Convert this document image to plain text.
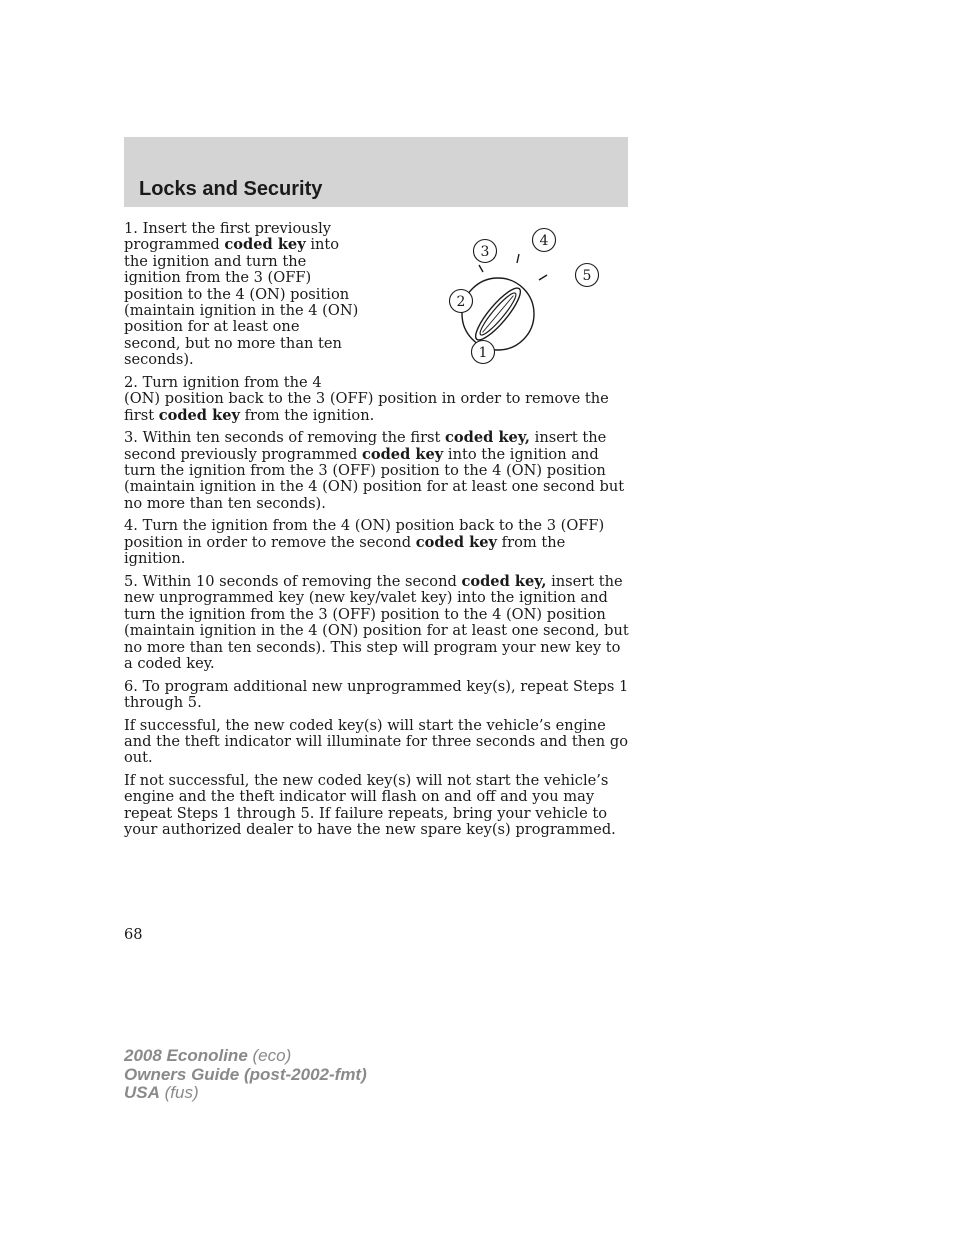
Locks and Security
1
2
3
4
5

1. Insert the first previously programmed coded key into the ignition and turn the ignition from the 3 (OFF) position to the 4 (ON) position (maintain ignition in the 4 (ON) position for at least one second, but no more than ten seconds).

2. Turn ignition from the 4 (ON) position back to the 3 (OFF) position in order to remove the first coded key from the ignition.

3. Within ten seconds of removing the first coded key, insert the second previously programmed coded key into the ignition and turn the ignition from the 3 (OFF) position to the 4 (ON) position (maintain ignition in the 4 (ON) position for at least one second but no more than ten seconds).

4. Turn the ignition from the 4 (ON) position back to the 3 (OFF) position in order to remove the second coded key from the ignition.

5. Within 10 seconds of removing the second coded key, insert the new unprogrammed key (new key/valet key) into the ignition and turn the ignition from the 3 (OFF) position to the 4 (ON) position (maintain ignition in the 4 (ON) position for at least one second, but no more than ten seconds). This step will program your new key to a coded key.

6. To program additional new unprogrammed key(s), repeat Steps 1 through 5.

If successful, the new coded key(s) will start the vehicle’s engine and the theft indicator will illuminate for three seconds and then go out.

If not successful, the new coded key(s) will not start the vehicle’s engine and the theft indicator will flash on and off and you may repeat Steps 1 through 5. If failure repeats, bring your vehicle to your authorized dealer to have the new spare key(s) programmed.

68
2008 Econoline (eco)
Owners Guide (post-2002-fmt)
USA (fus)
